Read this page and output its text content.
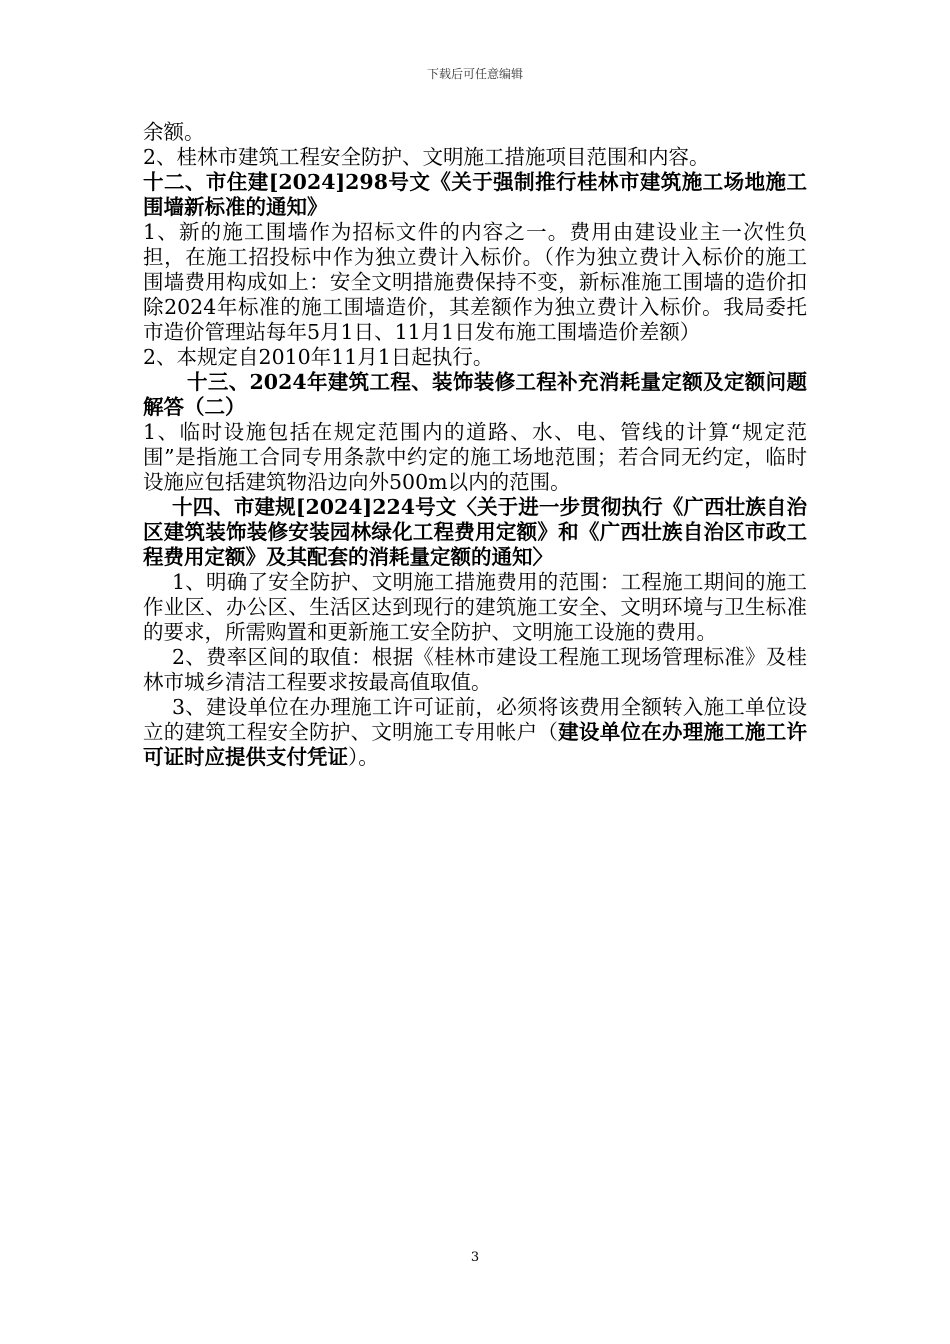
下载后可任意编辑

余额。

2、桂林市建筑工程安全防护、文明施工措施项目范围和内容。

十二、市住建[2024]298号文《关于强制推行桂林市建筑施工场地施工围墙新标准的通知》

1、新的施工围墙作为招标文件的内容之一。费用由建设业主一次性负担，在施工招投标中作为独立费计入标价。（作为独立费计入标价的施工围墙费用构成如上：安全文明措施费保持不变，新标准施工围墙的造价扣除2024年标准的施工围墙造价，其差额作为独立费计入标价。我局委托市造价管理站每年5月1日、11月1日发布施工围墙造价差额）

2、本规定自2010年11月1日起执行。

十三、2024年建筑工程、装饰装修工程补充消耗量定额及定额问题解答（二）

1、临时设施包括在规定范围内的道路、水、电、管线的计算“规定范围”是指施工合同专用条款中约定的施工场地范围；若合同无约定，临时设施应包括建筑物沿边向外500m以内的范围。

十四、市建规[2024]224号文〈关于进一步贯彻执行《广西壮族自治区建筑装饰装修安装园林绿化工程费用定额》和《广西壮族自治区市政工程费用定额》及其配套的消耗量定额的通知〉

1、明确了安全防护、文明施工措施费用的范围：工程施工期间的施工作业区、办公区、生活区达到现行的建筑施工安全、文明环境与卫生标准的要求，所需购置和更新施工安全防护、文明施工设施的费用。

2、费率区间的取值：根据《桂林市建设工程施工现场管理标准》及桂林市城乡清洁工程要求按最高值取值。

3、建设单位在办理施工许可证前，必须将该费用全额转入施工单位设立的建筑工程安全防护、文明施工专用帐户（建设单位在办理施工施工许可证时应提供支付凭证）。

3
